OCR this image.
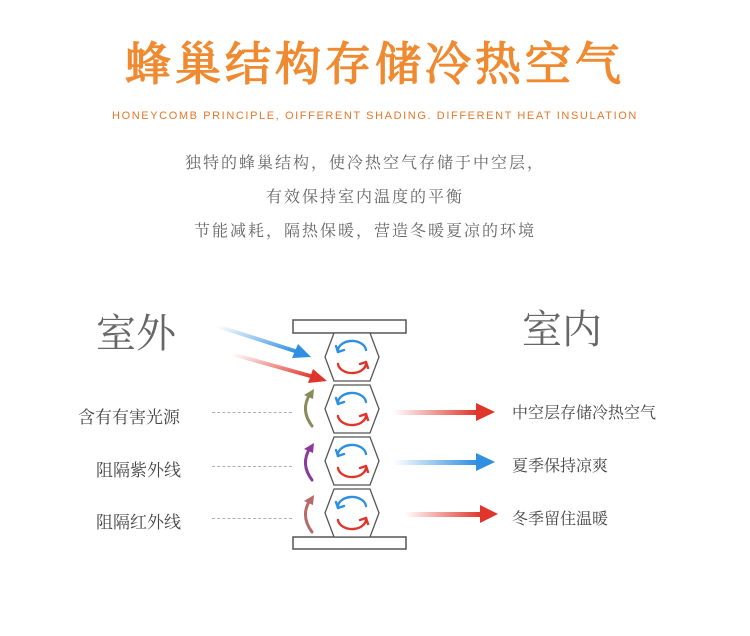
蜂巢结构存储冷热空气
HONEYCOMB PRINCIPLE, OIFFERENT SHADING. DIFFERENT HEAT INSULATION
独特的蜂巢结构，使冷热空气存储于中空层，
有效保持室内温度的平衡
节能减耗，隔热保暖，营造冬暖夏凉的环境
室外	室内
含有有害光源
阻隔紫外线
阻隔红外线
中空层存储冷热空气
夏季保持凉爽
冬季留住温暖
